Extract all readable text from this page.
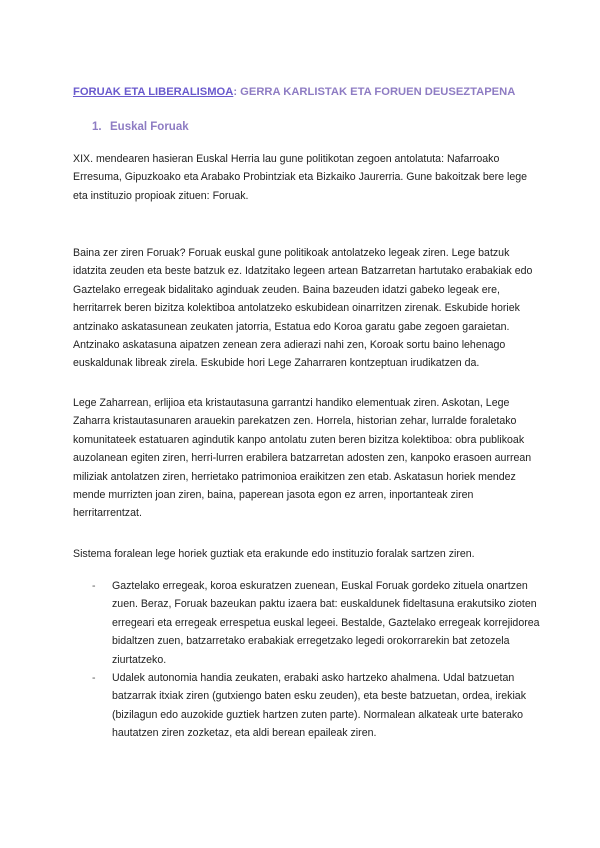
FORUAK ETA LIBERALISMOA: GERRA KARLISTAK ETA FORUEN DEUSEZTAPENA
1. Euskal Foruak

XIX. mendearen hasieran Euskal Herria lau gune politikotan zegoen antolatuta: Nafarroako Erresuma, Gipuzkoako eta Arabako Probintziak eta Bizkaiko Jaurerria. Gune bakoitzak bere lege eta instituzio propioak zituen: Foruak.

Baina zer ziren Foruak? Foruak euskal gune politikoak antolatzeko legeak ziren. Lege batzuk idatzita zeuden eta beste batzuk ez. Idatzitako legeen artean Batzarretan hartutako erabakiak edo Gaztelako erregeak bidalitako aginduak zeuden. Baina bazeuden idatzi gabeko legeak ere, herritarrek beren bizitza kolektiboa antolatzeko eskubidean oinarritzen zirenak. Eskubide horiek antzinako askatasunean zeukaten jatorria, Estatua edo Koroa garatu gabe zegoen garaietan. Antzinako askatasuna aipatzen zenean zera adierazi nahi zen, Koroak sortu baino lehenago euskaldunak libreak zirela. Eskubide hori Lege Zaharraren kontzeptuan irudikatzen da.

Lege Zaharrean, erlijioa eta kristautasuna garrantzi handiko elementuak ziren. Askotan, Lege Zaharra kristautasunaren arauekin parekatzen zen. Horrela, historian zehar, lurralde foraletako komunitateek estatuaren agindutik kanpo antolatu zuten beren bizitza kolektiboa: obra publikoak auzolanean egiten ziren, herri-lurren erabilera batzarretan adosten zen, kanpoko erasoen aurrean miliziak antolatzen ziren, herrietako patrimonioa eraikitzen zen etab. Askatasun horiek mendez mende murrizten joan ziren, baina, paperean jasota egon ez arren, inportanteak ziren herritarrentzat.

Sistema foralean lege horiek guztiak eta erakunde edo instituzio foralak sartzen ziren.

- Gaztelako erregeak, koroa eskuratzen zuenean, Euskal Foruak gordeko zituela onartzen zuen. Beraz, Foruak bazeukan paktu izaera bat: euskaldunek fideltasuna erakutsiko zioten erregeari eta erregeak errespetua euskal legeei. Bestalde, Gaztelako erregeak korrejidorea bidaltzen zuen, batzarretako erabakiak erregetzako legedi orokorrarekin bat zetozela ziurtatzeko.
- Udalek autonomia handia zeukaten, erabaki asko hartzeko ahalmena. Udal batzuetan batzarrak itxiak ziren (gutxiengo baten esku zeuden), eta beste batzuetan, ordea, irekiak (bizilagun edo auzokide guztiek hartzen zuten parte). Normalean alkateak urte baterako hautatzen ziren zozketaz, eta aldi berean epaileak ziren.
